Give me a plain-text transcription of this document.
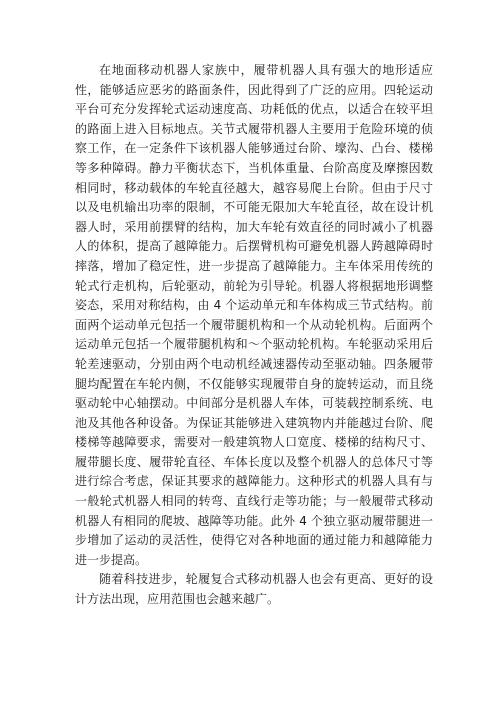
在地面移动机器人家族中，履带机器人具有强大的地形适应性，能够适应恶劣的路面条件，因此得到了广泛的应用。四轮运动平台可充分发挥轮式运动速度高、功耗低的优点，以适合在较平坦的路面上进入目标地点。关节式履带机器人主要用于危险环境的侦察工作，在一定条件下该机器人能够通过台阶、壕沟、凸台、楼梯等多种障碍。静力平衡状态下，当机体重量、台阶高度及摩擦因数相同时，移动载体的车轮直径越大，越容易爬上台阶。但由于尺寸以及电机输出功率的限制，不可能无限加大车轮直径，故在设计机器人时，采用前摆臂的结构，加大车轮有效直径的同时减小了机器人的体积，提高了越障能力。后摆臂机构可避免机器人跨越障碍时摔落，增加了稳定性，进一步提高了越障能力。主车体采用传统的轮式行走机构，后轮驱动，前轮为引导轮。机器人将根据地形调整姿态，采用对称结构，由 4 个运动单元和车体构成三节式结构。前面两个运动单元包括一个履带腿机构和一个从动轮机构。后面两个运动单元包括一个履带腿机构和～个驱动轮机构。车轮驱动采用后轮差速驱动，分别由两个电动机经减速器传动至驱动轴。四条履带腿均配置在车轮内侧，不仅能够实现履带自身的旋转运动，而且绕驱动轮中心轴摆动。中间部分是机器人车体，可装载控制系统、电池及其他各种设备。为保证其能够进入建筑物内并能越过台阶、爬楼梯等越障要求，需要对一般建筑物人口宽度、楼梯的结构尺寸、履带腿长度、履带轮直径、车体长度以及整个机器人的总体尺寸等进行综合考虑，保证其要求的越障能力。这种形式的机器人具有与一般轮式机器人相同的转弯、直线行走等功能；与一般履带式移动机器人有相同的爬坡、越障等功能。此外 4 个独立驱动履带腿进一步增加了运动的灵活性，使得它对各种地面的通过能力和越障能力进一步提高。

随着科技进步，轮履复合式移动机器人也会有更高、更好的设计方法出现，应用范围也会越来越广。
